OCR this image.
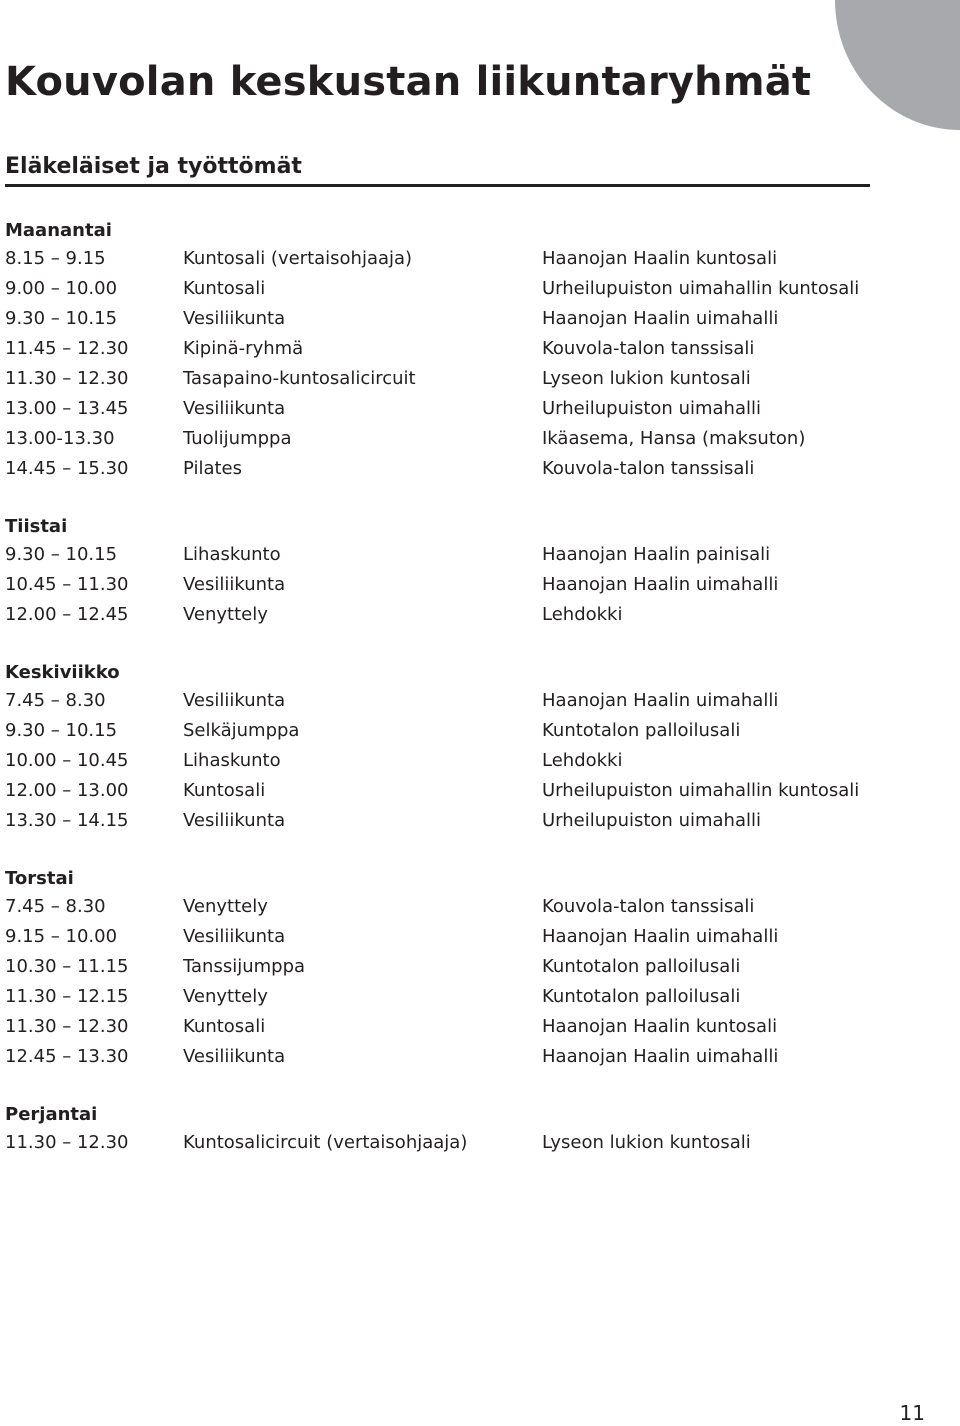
Kouvolan keskustan liikuntaryhmät
Eläkeläiset ja työttömät
Maanantai
8.15 – 9.15	Kuntosali (vertaisohjaaja)	Haanojan Haalin kuntosali
9.00 – 10.00	Kuntosali	Urheilupuiston uimahallin kuntosali
9.30 – 10.15	Vesiliikunta	Haanojan Haalin uimahalli
11.45 – 12.30	Kipinä-ryhmä	Kouvola-talon tanssisali
11.30 – 12.30	Tasapaino-kuntosalicircuit	Lyseon lukion kuntosali
13.00 – 13.45	Vesiliikunta	Urheilupuiston uimahalli
13.00-13.30	Tuolijumppa	Ikäasema, Hansa (maksuton)
14.45 – 15.30	Pilates	Kouvola-talon tanssisali
Tiistai
9.30 – 10.15	Lihaskunto	Haanojan Haalin painisali
10.45 – 11.30	Vesiliikunta	Haanojan Haalin uimahalli
12.00 – 12.45	Venyttely	Lehdokki
Keskiviikko
7.45 – 8.30	Vesiliikunta	Haanojan Haalin uimahalli
9.30 – 10.15	Selkäjumppa	Kuntotalon palloilusali
10.00 – 10.45	Lihaskunto	Lehdokki
12.00 – 13.00	Kuntosali	Urheilupuiston uimahallin kuntosali
13.30 – 14.15	Vesiliikunta	Urheilupuiston uimahalli
Torstai
7.45 – 8.30	Venyttely	Kouvola-talon tanssisali
9.15 – 10.00	Vesiliikunta	Haanojan Haalin uimahalli
10.30 – 11.15	Tanssijumppa	Kuntotalon palloilusali
11.30 – 12.15	Venyttely	Kuntotalon palloilusali
11.30 – 12.30	Kuntosali	Haanojan Haalin kuntosali
12.45 – 13.30	Vesiliikunta	Haanojan Haalin uimahalli
Perjantai
11.30 – 12.30	Kuntosalicircuit (vertaisohjaaja)	Lyseon lukion kuntosali
11
